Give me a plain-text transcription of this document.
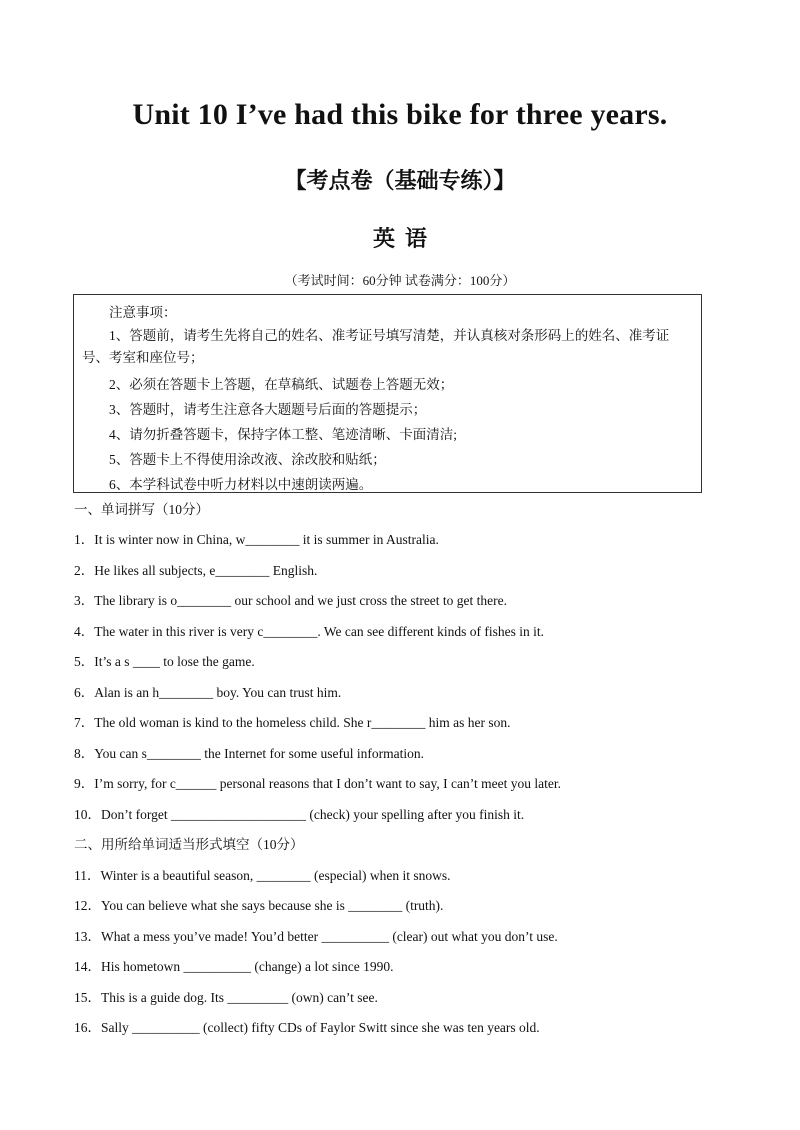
Unit 10 I’ve had this bike for three years.
【考点卷（基础专练）】
英语
（考试时间：60分钟 试卷满分：100分）
注意事项：
1、答题前，请考生先将自己的姓名、准考证号填写清楚，并认真核对条形码上的姓名、准考证号、考室和座位号；
2、必须在答题卡上答题，在草稿纸、试题卷上答题无效；
3、答题时，请考生注意各大题题号后面的答题提示；
4、请勿折叠答题卡，保持字体工整、笔迹清晰、卡面清洁;
5、答题卡上不得使用涂改液、涂改胶和贴纸；
6、本学科试卷中听力材料以中速朗读两遍。
一、单词拼写（10分）
1．It is winter now in China, w________ it is summer in Australia.
2．He likes all subjects, e________ English.
3．The library is o________ our school and we just cross the street to get there.
4．The water in this river is very c________. We can see different kinds of fishes in it.
5．It’s a s ____ to lose the game.
6．Alan is an h________ boy. You can trust him.
7．The old woman is kind to the homeless child. She r________ him as her son.
8．You can s________ the Internet for some useful information.
9．I’m sorry, for c______ personal reasons that I don’t want to say, I can’t meet you later.
10．Don’t forget ____________________ (check) your spelling after you finish it.
二、用所给单词适当形式填空（10分）
11．Winter is a beautiful season, ________ (especial) when it snows.
12．You can believe what she says because she is ________ (truth).
13．What a mess you’ve made! You’d better __________ (clear) out what you don’t use.
14．His hometown __________ (change) a lot since 1990.
15．This is a guide dog. Its _________ (own) can’t see.
16．Sally __________ (collect) fifty CDs of Faylor Switt since she was ten years old.
